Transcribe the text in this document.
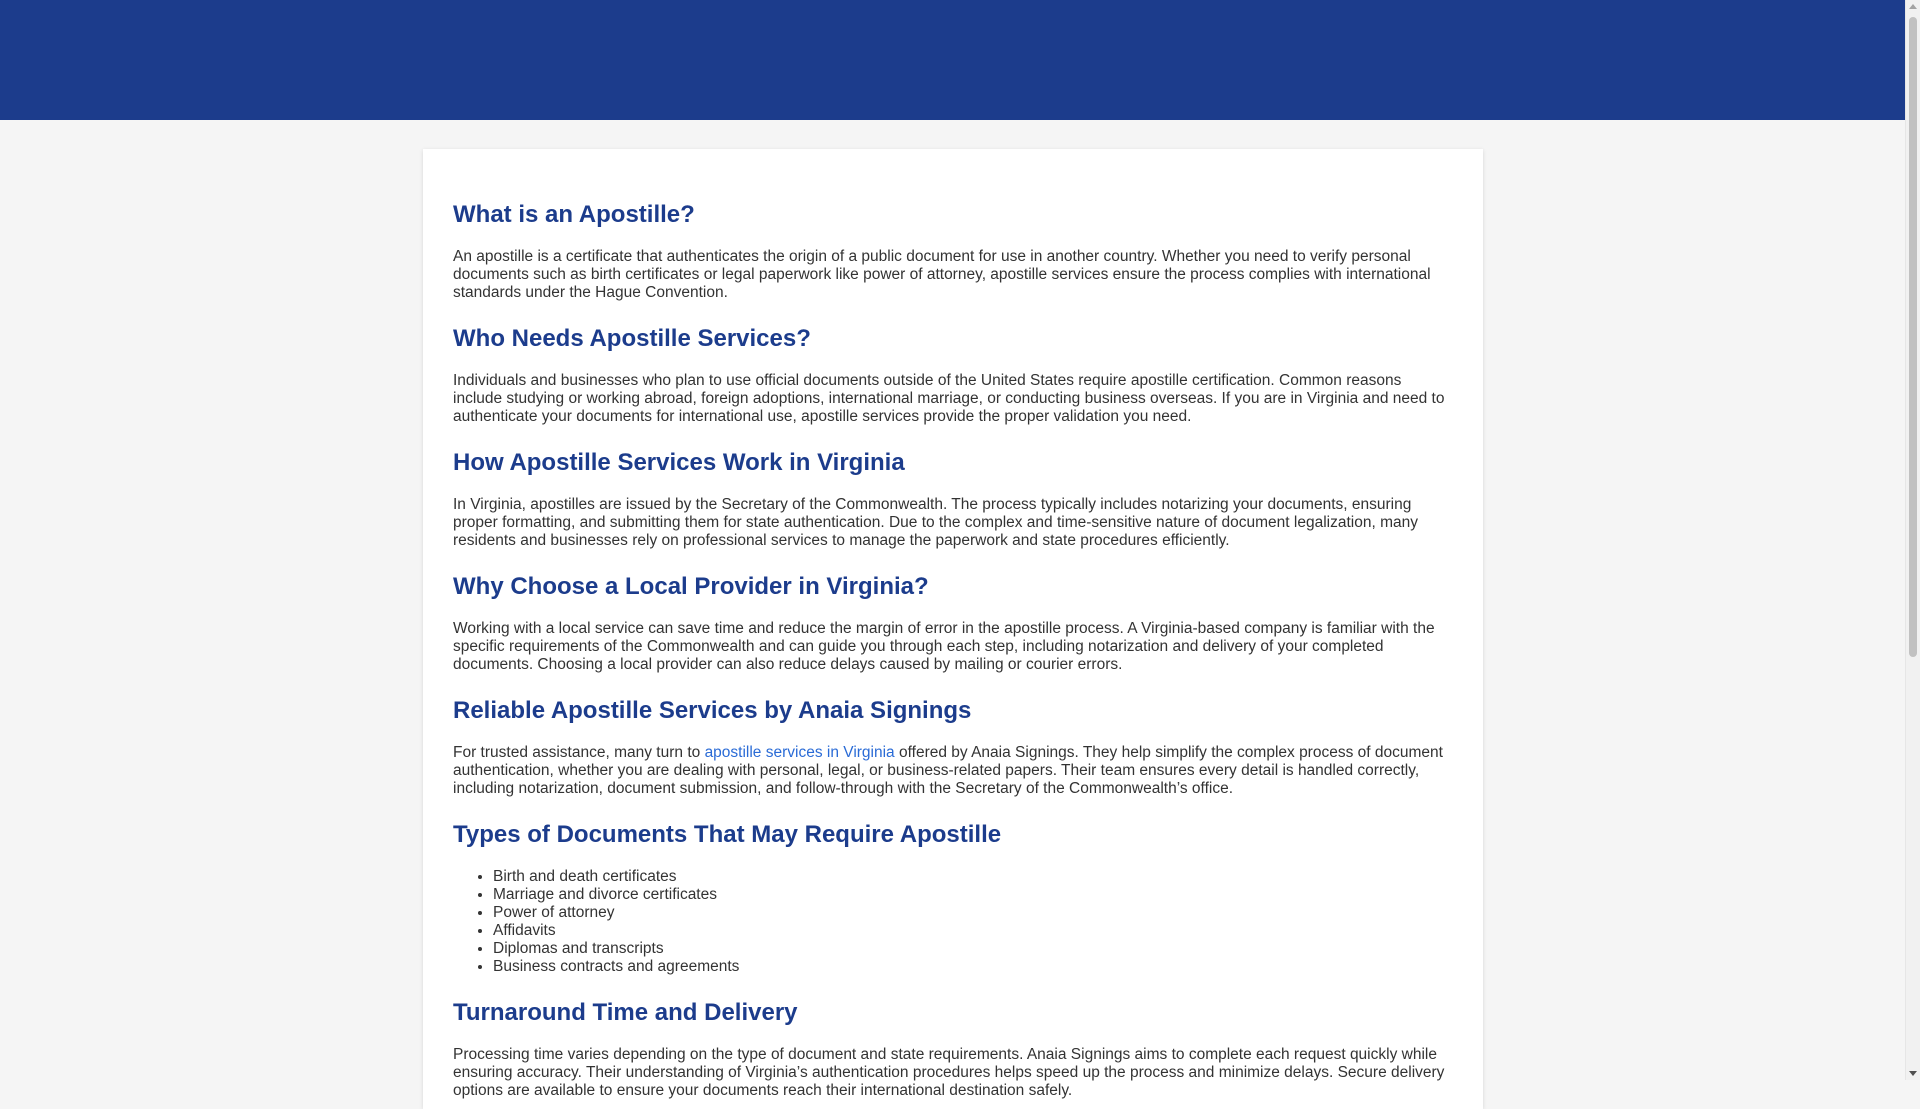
What is an Apostille?

An apostille is a certificate that authenticates the origin of a public document for use in another country. Whether you need to verify personal documents such as birth certificates or legal paperwork like power of attorney, apostille services ensure the process complies with international standards under the Hague Convention.

Who Needs Apostille Services?

Individuals and businesses who plan to use official documents outside of the United States require apostille certification. Common reasons include studying or working abroad, foreign adoptions, international marriage, or conducting business overseas. If you are in Virginia and need to authenticate your documents for international use, apostille services provide the proper validation you need.

How Apostille Services Work in Virginia

In Virginia, apostilles are issued by the Secretary of the Commonwealth. The process typically includes notarizing your documents, ensuring proper formatting, and submitting them for state authentication. Due to the complex and time-sensitive nature of document legalization, many residents and businesses rely on professional services to manage the paperwork and state procedures efficiently.

Why Choose a Local Provider in Virginia?

Working with a local service can save time and reduce the margin of error in the apostille process. A Virginia-based company is familiar with the specific requirements of the Commonwealth and can guide you through each step, including notarization and delivery of your completed documents. Choosing a local provider can also reduce delays caused by mailing or courier errors.

Reliable Apostille Services by Anaia Signings

For trusted assistance, many turn to apostille services in Virginia offered by Anaia Signings. They help simplify the complex process of document authentication, whether you are dealing with personal, legal, or business-related papers. Their team ensures every detail is handled correctly, including notarization, document submission, and follow-through with the Secretary of the Commonwealth’s office.

Types of Documents That May Require Apostille
• Birth and death certificates
• Marriage and divorce certificates
• Power of attorney
• Affidavits
• Diplomas and transcripts
• Business contracts and agreements
Turnaround Time and Delivery

Processing time varies depending on the type of document and state requirements. Anaia Signings aims to complete each request quickly while ensuring accuracy. Their understanding of Virginia’s authentication procedures helps speed up the process and minimize delays. Secure delivery options are available to ensure your documents reach their international destination safely.
